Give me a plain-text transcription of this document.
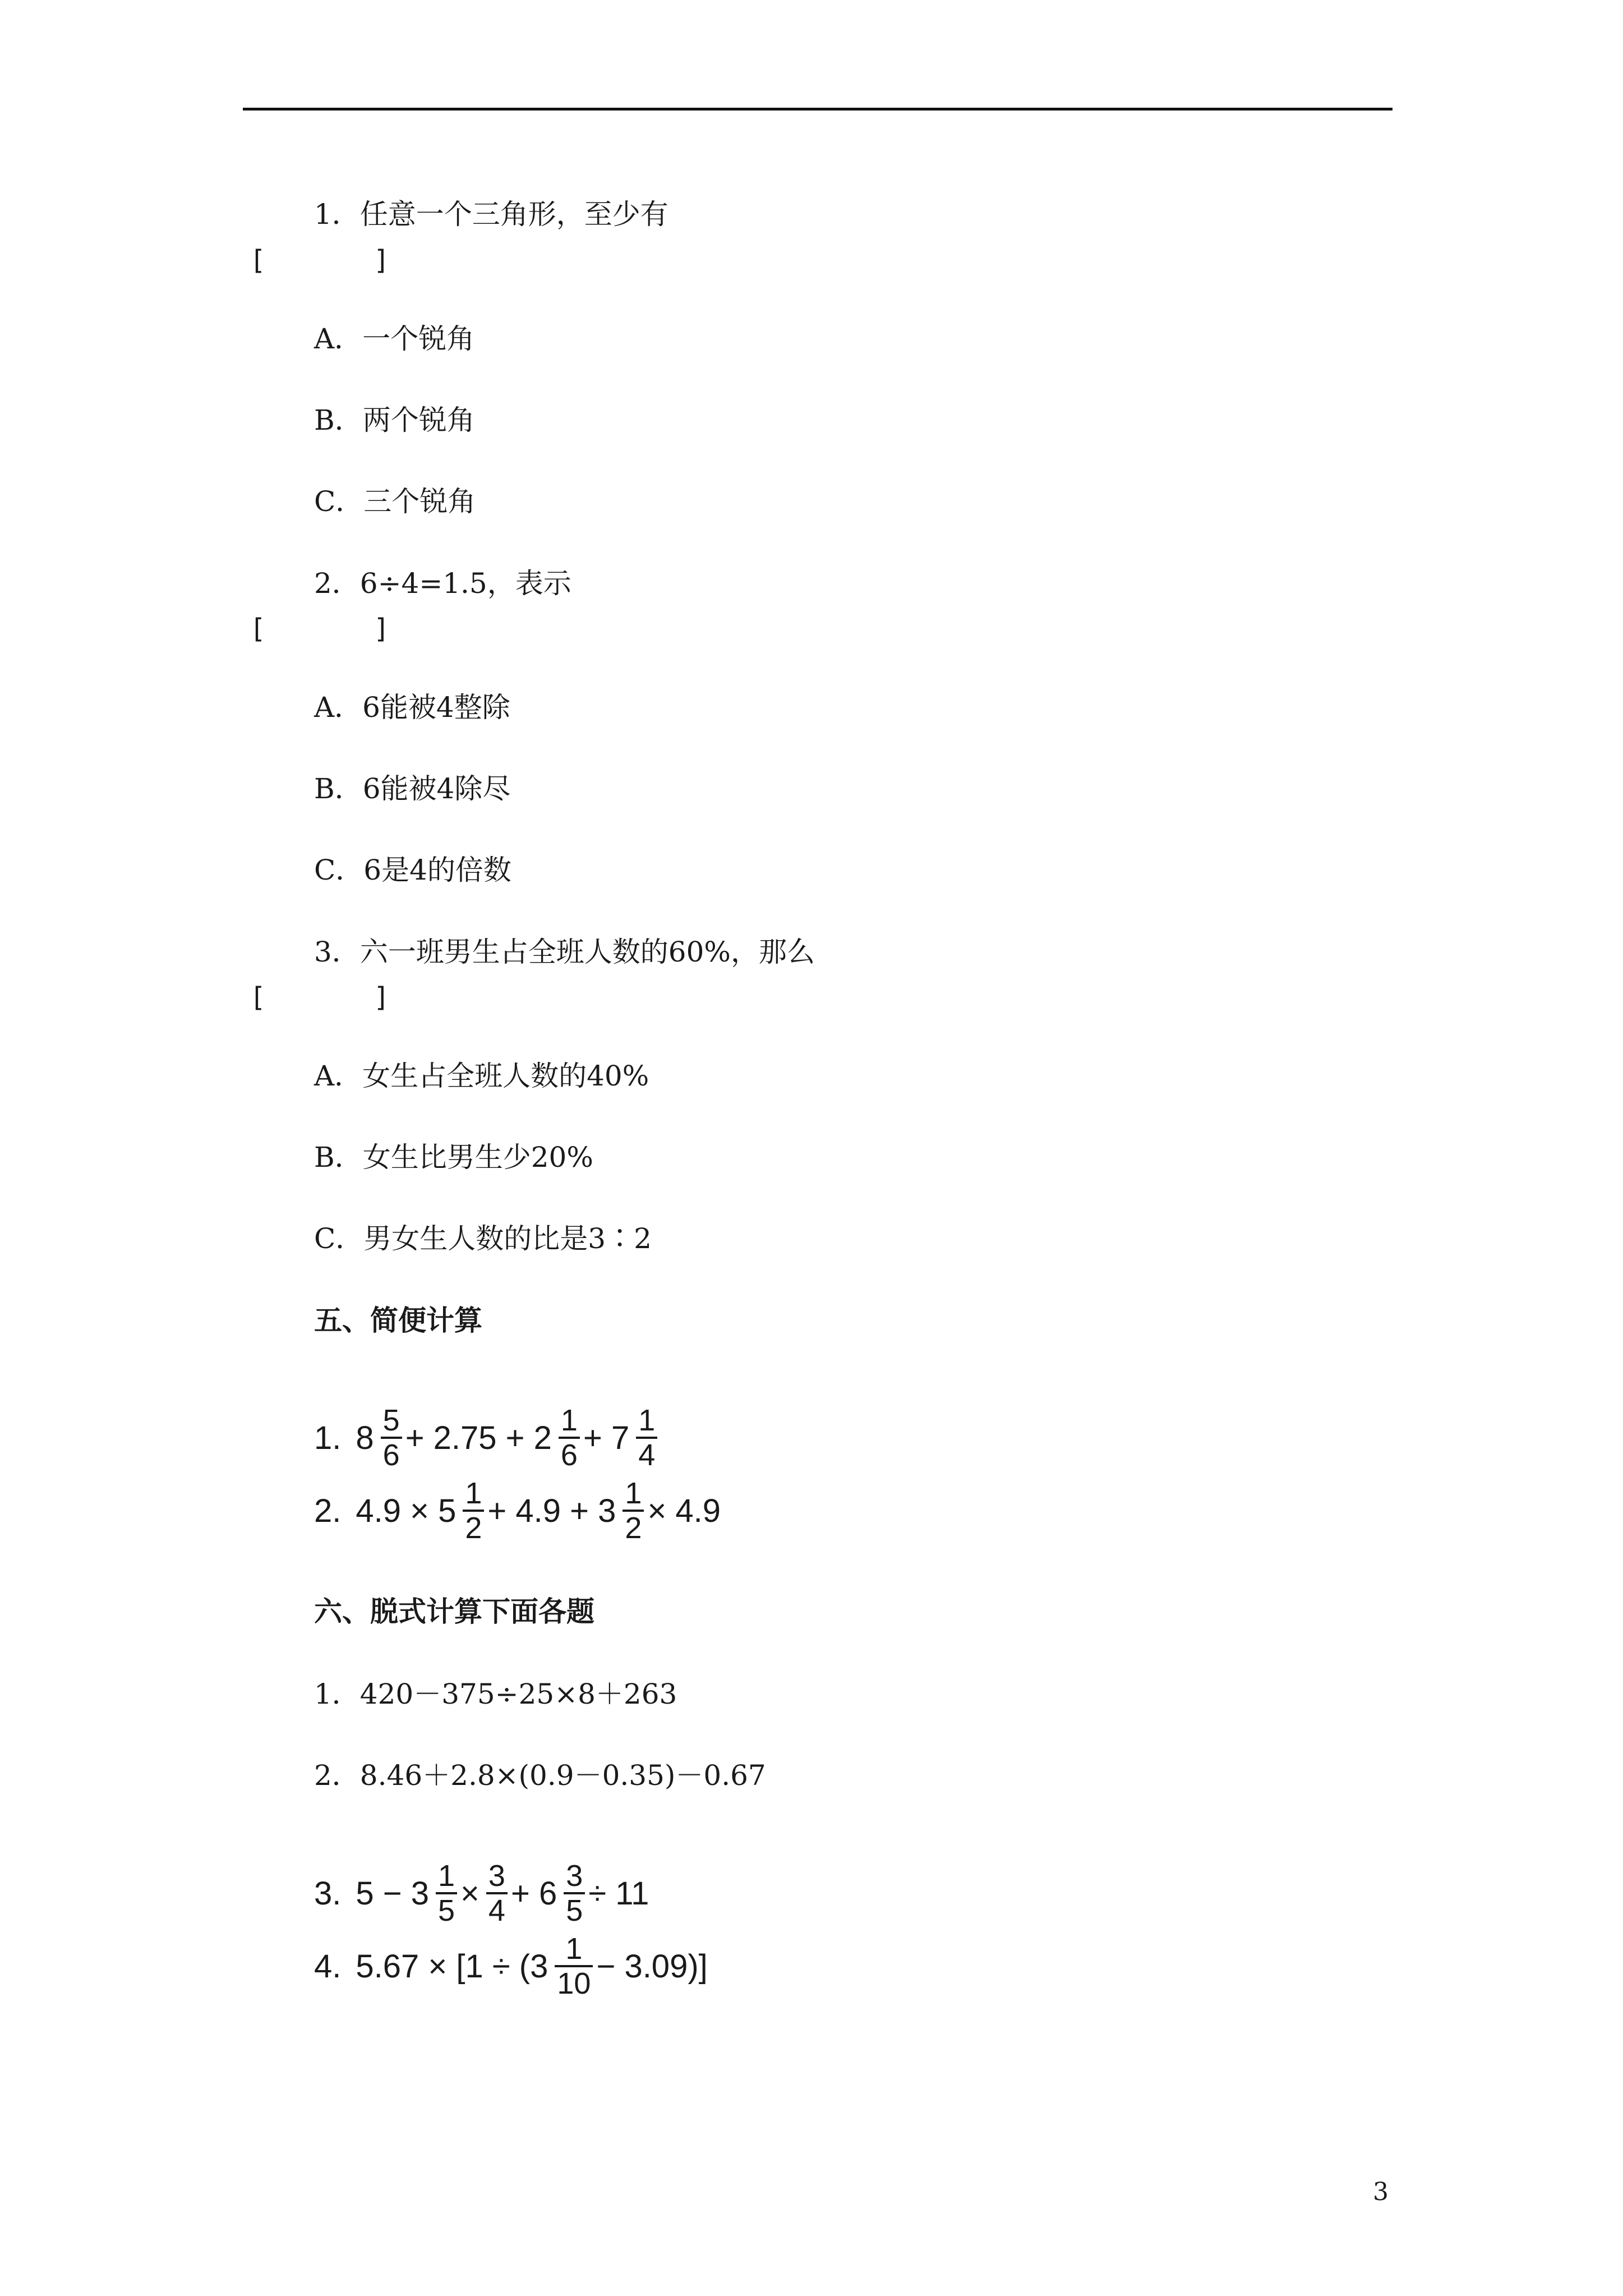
1．任意一个三角形，至少有
[　　　　]
A．一个锐角
B．两个锐角
C．三个锐角
2．6÷4=1.5，表示
[　　　　]
A．6能被4整除
B．6能被4除尽
C．6是4的倍数
3．六一班男生占全班人数的60%，那么
[　　　　]
A．女生占全班人数的40%
B．女生比男生少20%
C．男女生人数的比是3∶2
五、简便计算
1. $8 \frac{5}{6} + 2.75 + 2 \frac{1}{6} + 7 \frac{1}{4}$
2. $4.9 \times 5 \frac{1}{2} + 4.9 + 3 \frac{1}{2} \times 4.9$
六、脱式计算下面各题
1．420－375÷25×8＋263
2．8.46＋2.8×(0.9－0.35)－0.67
3. $5 - 3 \frac{1}{5} \times \frac{3}{4} + 6 \frac{3}{5} \div 11$
4. $5.67 \times [1 \div (3 \frac{1}{10} - 3.09)]$
3
